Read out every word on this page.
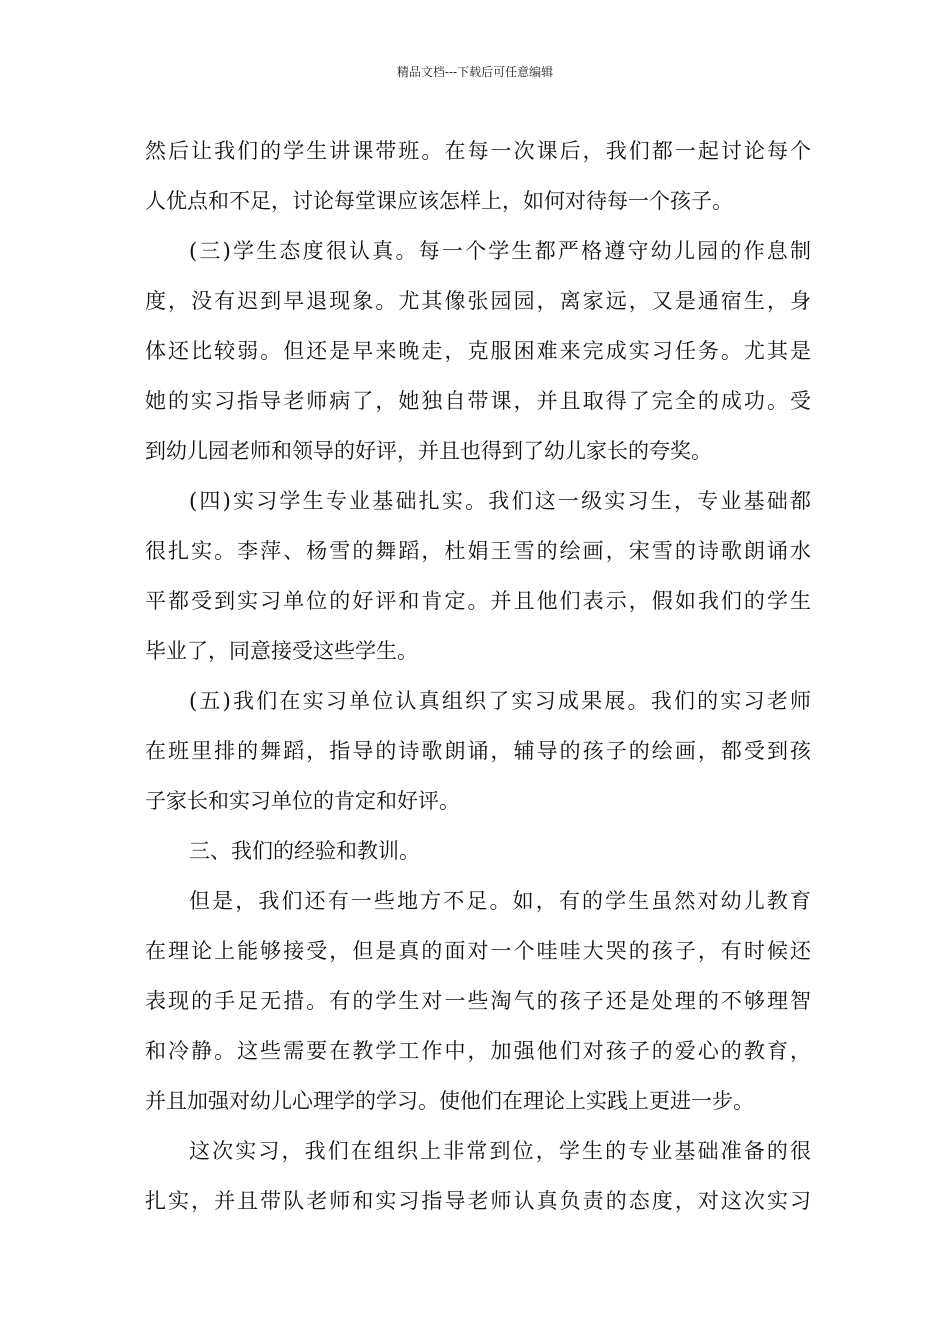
精品文档---下载后可任意编辑
然后让我们的学生讲课带班。在每一次课后，我们都一起讨论每个
人优点和不足，讨论每堂课应该怎样上，如何对待每一个孩子。
(三)学生态度很认真。每一个学生都严格遵守幼儿园的作息制
度，没有迟到早退现象。尤其像张园园，离家远，又是通宿生，身
体还比较弱。但还是早来晚走，克服困难来完成实习任务。尤其是
她的实习指导老师病了，她独自带课，并且取得了完全的成功。受
到幼儿园老师和领导的好评，并且也得到了幼儿家长的夸奖。
(四)实习学生专业基础扎实。我们这一级实习生，专业基础都
很扎实。李萍、杨雪的舞蹈，杜娟王雪的绘画，宋雪的诗歌朗诵水
平都受到实习单位的好评和肯定。并且他们表示，假如我们的学生
毕业了，同意接受这些学生。
(五)我们在实习单位认真组织了实习成果展。我们的实习老师
在班里排的舞蹈，指导的诗歌朗诵，辅导的孩子的绘画，都受到孩
子家长和实习单位的肯定和好评。
三、我们的经验和教训。
但是，我们还有一些地方不足。如，有的学生虽然对幼儿教育
在理论上能够接受，但是真的面对一个哇哇大哭的孩子，有时候还
表现的手足无措。有的学生对一些淘气的孩子还是处理的不够理智
和冷静。这些需要在教学工作中，加强他们对孩子的爱心的教育，
并且加强对幼儿心理学的学习。使他们在理论上实践上更进一步。
这次实习，我们在组织上非常到位，学生的专业基础准备的很
扎实，并且带队老师和实习指导老师认真负责的态度，对这次实习
